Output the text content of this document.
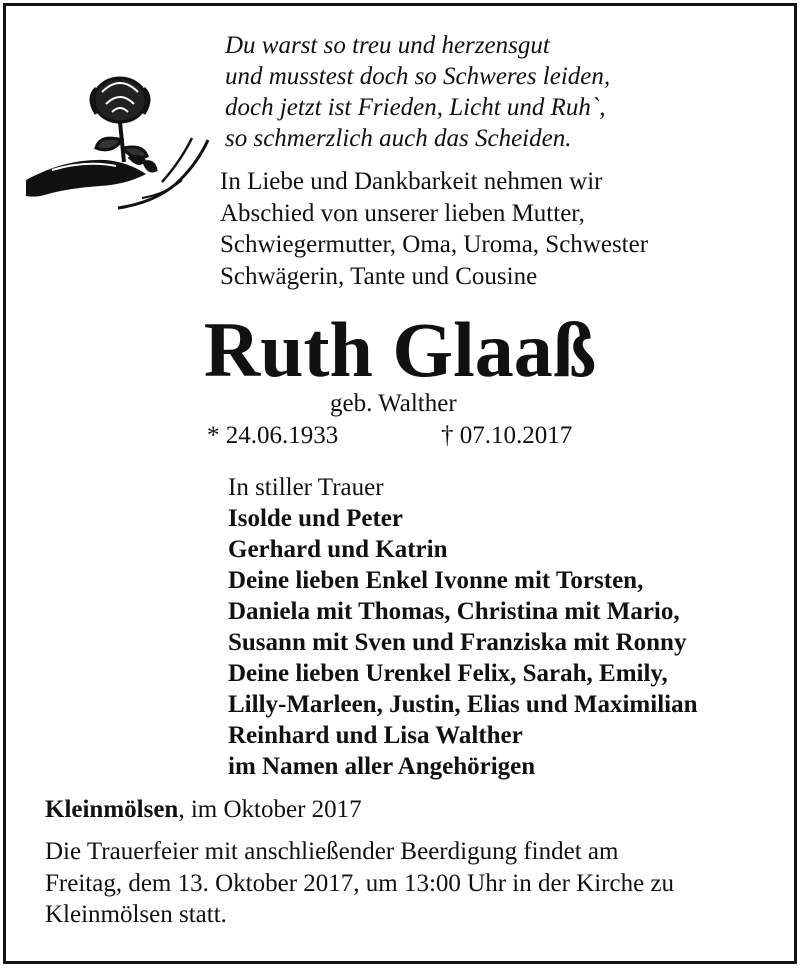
Du warst so treu und herzensgut
und musstest doch so Schweres leiden,
doch jetzt ist Frieden, Licht und Ruh`,
so schmerzlich auch das Scheiden.
In Liebe und Dankbarkeit nehmen wir
Abschied von unserer lieben Mutter,
Schwiegermutter, Oma, Uroma, Schwester
Schwägerin, Tante und Cousine
Ruth Glaaß
geb. Walther
* 24.06.1933	† 07.10.2017
In stiller Trauer
Isolde und Peter
Gerhard und Katrin
Deine lieben Enkel Ivonne mit Torsten,
Daniela mit Thomas, Christina mit Mario,
Susann mit Sven und Franziska mit Ronny
Deine lieben Urenkel Felix, Sarah, Emily,
Lilly-Marleen, Justin, Elias und Maximilian
Reinhard und Lisa Walther
im Namen aller Angehörigen
Kleinmölsen, im Oktober 2017

Die Trauerfeier mit anschließender Beerdigung findet am

Freitag, dem 13. Oktober 2017, um 13:00 Uhr in der Kirche zu

Kleinmölsen statt.
